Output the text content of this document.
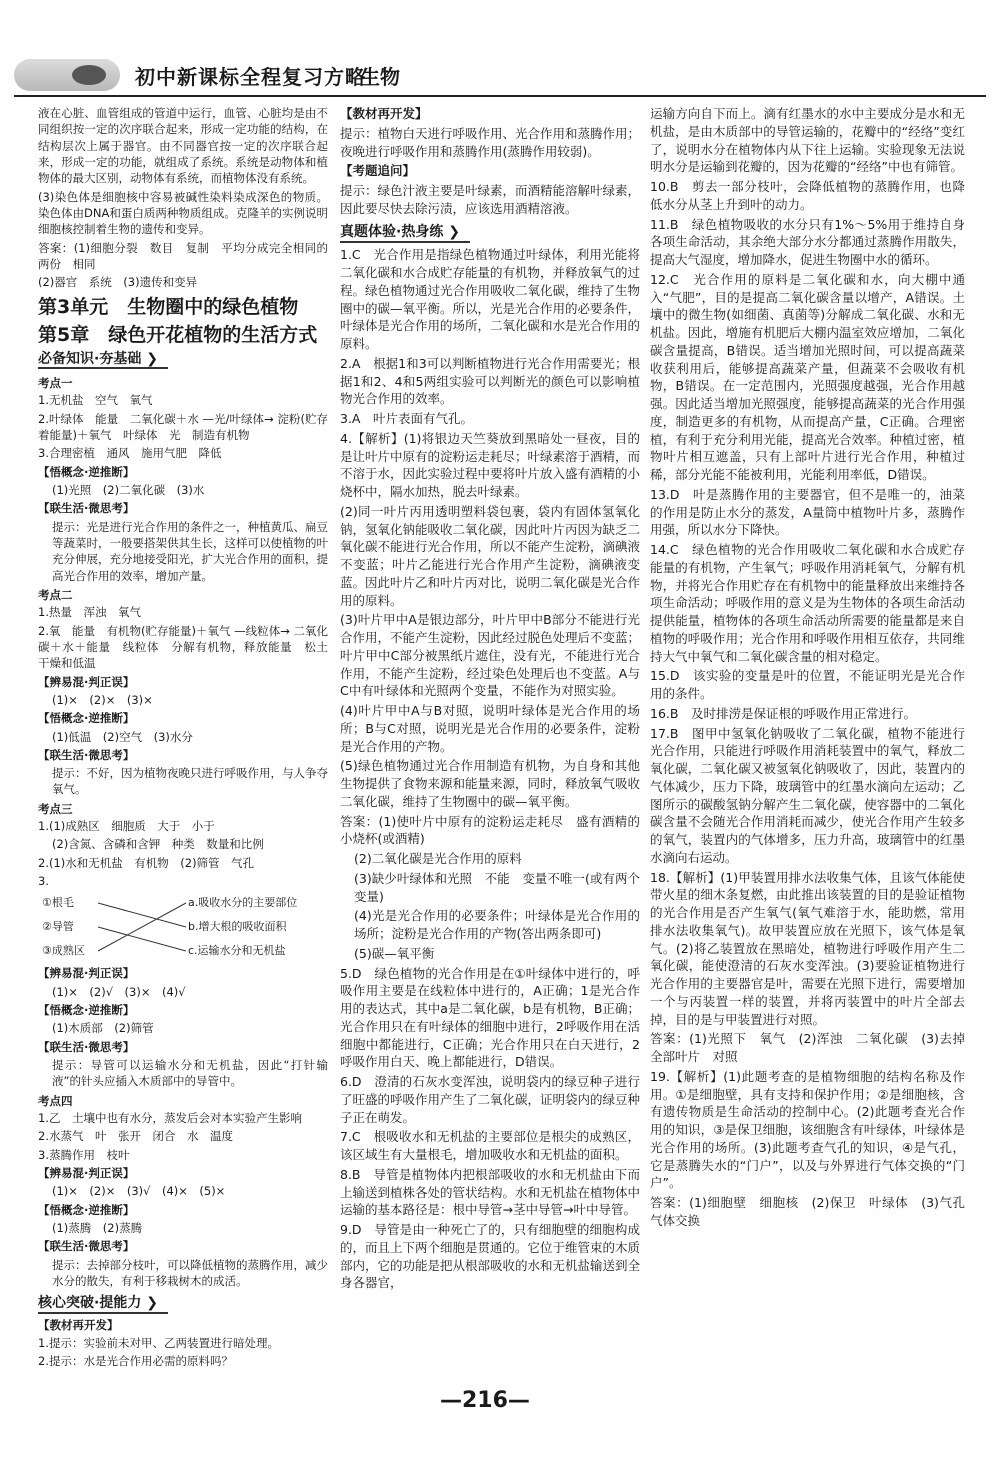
初中新课标全程复习方略
生物

液在心脏、血管组成的管道中运行，血管、心脏均是由不同组织按一定的次序联合起来，形成一定功能的结构，在结构层次上属于器官。由不同器官按一定的次序联合起来，形成一定的功能，就组成了系统。系统是动物体和植物体的最大区别，动物体有系统，而植物体没有系统。

(3)染色体是细胞核中容易被碱性染料染成深色的物质。染色体由DNA和蛋白质两种物质组成。克隆羊的实例说明细胞核控制着生物的遗传和变异。

答案：(1)细胞分裂　数目　复制　平均分成完全相同的两份　相同

(2)器官　系统　(3)遗传和变异

第3单元　生物圈中的绿色植物
第5章　绿色开花植物的生活方式
必备知识·夯基础 ❯
考点一

1.无机盐　空气　氧气

2.叶绿体　能量　二氧化碳＋水 —光/叶绿体→ 淀粉(贮存着能量)＋氧气　叶绿体　光　制造有机物

3.合理密植　通风　施用气肥　降低

【悟概念·逆推断】

(1)光照　(2)二氧化碳　(3)水

【联生活·微思考】

提示：光是进行光合作用的条件之一，种植黄瓜、扁豆等蔬菜时，一般要搭架供其生长，这样可以使植物的叶充分伸展，充分地接受阳光，扩大光合作用的面积，提高光合作用的效率，增加产量。

考点二

1.热量　浑浊　氧气

2.氧　能量　有机物(贮存能量)＋氧气 —线粒体→ 二氧化碳＋水＋能量　线粒体　分解有机物，释放能量　松土　干燥和低温

【辨易混·判正误】

(1)×　(2)×　(3)×

【悟概念·逆推断】

(1)低温　(2)空气　(3)水分

【联生活·微思考】

提示：不好，因为植物夜晚只进行呼吸作用，与人争夺氧气。

考点三

1.(1)成熟区　细胞质　大于　小于

(2)含氮、含磷和含钾　种类　数量和比例

2.(1)水和无机盐　有机物　(2)筛管　气孔

3.

①根毛
②导管
③成熟区
a.吸收水分的主要部位
b.增大根的吸收面积
c.运输水分和无机盐

【辨易混·判正误】

(1)×　(2)√　(3)×　(4)√

【悟概念·逆推断】

(1)木质部　(2)筛管

【联生活·微思考】

提示：导管可以运输水分和无机盐，因此“打针输液”的针头应插入木质部中的导管中。

考点四

1.乙　土壤中也有水分，蒸发后会对本实验产生影响

2.水蒸气　叶　张开　闭合　水　温度

3.蒸腾作用　枝叶

【辨易混·判正误】

(1)×　(2)×　(3)√　(4)×　(5)×

【悟概念·逆推断】

(1)蒸腾　(2)蒸腾

【联生活·微思考】

提示：去掉部分枝叶，可以降低植物的蒸腾作用，减少水分的散失，有利于移栽树木的成活。

核心突破·提能力 ❯

【教材再开发】

1.提示：实验前未对甲、乙两装置进行暗处理。

2.提示：水是光合作用必需的原料吗？

【教材再开发】

提示：植物白天进行呼吸作用、光合作用和蒸腾作用；夜晚进行呼吸作用和蒸腾作用(蒸腾作用较弱)。

【考题追问】

提示：绿色汁液主要是叶绿素，而酒精能溶解叶绿素，因此要尽快去除污渍，应该选用酒精溶液。

真题体验·热身练 ❯

1.C　光合作用是指绿色植物通过叶绿体，利用光能将二氧化碳和水合成贮存能量的有机物，并释放氧气的过程。绿色植物通过光合作用吸收二氧化碳，维持了生物圈中的碳—氧平衡。所以，光是光合作用的必要条件，叶绿体是光合作用的场所，二氧化碳和水是光合作用的原料。

2.A　根据1和3可以判断植物进行光合作用需要光；根据1和2、4和5两组实验可以判断光的颜色可以影响植物光合作用的效率。

3.A　叶片表面有气孔。

4.【解析】(1)将银边天竺葵放到黑暗处一昼夜，目的是让叶片中原有的淀粉运走耗尽；叶绿素溶于酒精，而不溶于水，因此实验过程中要将叶片放入盛有酒精的小烧杯中，隔水加热，脱去叶绿素。

(2)同一叶片丙用透明塑料袋包裹，袋内有固体氢氧化钠，氢氧化钠能吸收二氧化碳，因此叶片丙因为缺乏二氧化碳不能进行光合作用，所以不能产生淀粉，滴碘液不变蓝；叶片乙能进行光合作用产生淀粉，滴碘液变蓝。因此叶片乙和叶片丙对比，说明二氧化碳是光合作用的原料。

(3)叶片甲中A是银边部分，叶片甲中B部分不能进行光合作用，不能产生淀粉，因此经过脱色处理后不变蓝；叶片甲中C部分被黑纸片遮住，没有光，不能进行光合作用，不能产生淀粉，经过染色处理后也不变蓝。A与C中有叶绿体和光照两个变量，不能作为对照实验。

(4)叶片甲中A与B对照，说明叶绿体是光合作用的场所；B与C对照，说明光是光合作用的必要条件，淀粉是光合作用的产物。

(5)绿色植物通过光合作用制造有机物，为自身和其他生物提供了食物来源和能量来源，同时，释放氧气吸收二氧化碳，维持了生物圈中的碳—氧平衡。

答案：(1)使叶片中原有的淀粉运走耗尽　盛有酒精的小烧杯(或酒精)

(2)二氧化碳是光合作用的原料

(3)缺少叶绿体和光照　不能　变量不唯一(或有两个变量)

(4)光是光合作用的必要条件；叶绿体是光合作用的场所；淀粉是光合作用的产物(答出两条即可)

(5)碳—氧平衡

5.D　绿色植物的光合作用是在①叶绿体中进行的，呼吸作用主要是在线粒体中进行的，A正确；1是光合作用的表达式，其中a是二氧化碳，b是有机物，B正确；光合作用只在有叶绿体的细胞中进行，2呼吸作用在活细胞中都能进行，C正确；光合作用只在白天进行，2呼吸作用白天、晚上都能进行，D错误。

6.D　澄清的石灰水变浑浊，说明袋内的绿豆种子进行了旺盛的呼吸作用产生了二氧化碳，证明袋内的绿豆种子正在萌发。

7.C　根吸收水和无机盐的主要部位是根尖的成熟区，该区域生有大量根毛，增加吸收水和无机盐的面积。

8.B　导管是植物体内把根部吸收的水和无机盐由下而上输送到植株各处的管状结构。水和无机盐在植物体中运输的基本路径是：根中导管→茎中导管→叶中导管。

9.D　导管是由一种死亡了的，只有细胞壁的细胞构成的，而且上下两个细胞是贯通的。它位于维管束的木质部内，它的功能是把从根部吸收的水和无机盐输送到全身各器官，

运输方向自下而上。滴有红墨水的水中主要成分是水和无机盐，是由木质部中的导管运输的，花瓣中的“经络”变红了，说明水分在植物体内从下往上运输。实验现象无法说明水分是运输到花瓣的，因为花瓣的“经络”中也有筛管。

10.B　剪去一部分枝叶，会降低植物的蒸腾作用，也降低水分从茎上升到叶的动力。

11.B　绿色植物吸收的水分只有1%～5%用于维持自身各项生命活动，其余绝大部分水分都通过蒸腾作用散失，提高大气湿度，增加降水，促进生物圈中水的循环。

12.C　光合作用的原料是二氧化碳和水，向大棚中通入“气肥”，目的是提高二氧化碳含量以增产，A错误。土壤中的微生物(如细菌、真菌等)分解成二氧化碳、水和无机盐。因此，增施有机肥后大棚内温室效应增加，二氧化碳含量提高，B错误。适当增加光照时间，可以提高蔬菜收获利用后，能够提高蔬菜产量，但蔬菜不会吸收有机物，B错误。在一定范围内，光照强度越强，光合作用越强。因此适当增加光照强度，能够提高蔬菜的光合作用强度，制造更多的有机物，从而提高产量，C正确。合理密植，有利于充分利用光能，提高光合效率。种植过密，植物叶片相互遮盖，只有上部叶片进行光合作用，种植过稀，部分光能不能被利用，光能利用率低，D错误。

13.D　叶是蒸腾作用的主要器官，但不是唯一的，油菜的作用是防止水分的蒸发，A量筒中植物叶片多，蒸腾作用强，所以水分下降快。

14.C　绿色植物的光合作用吸收二氧化碳和水合成贮存能量的有机物，产生氧气；呼吸作用消耗氧气，分解有机物，并将光合作用贮存在有机物中的能量释放出来维持各项生命活动；呼吸作用的意义是为生物体的各项生命活动提供能量，植物体的各项生命活动所需要的能量都是来自植物的呼吸作用；光合作用和呼吸作用相互依存，共同维持大气中氧气和二氧化碳含量的相对稳定。

15.D　该实验的变量是叶的位置，不能证明光是光合作用的条件。

16.B　及时排涝是保证根的呼吸作用正常进行。

17.B　图甲中氢氧化钠吸收了二氧化碳，植物不能进行光合作用，只能进行呼吸作用消耗装置中的氧气，释放二氧化碳，二氧化碳又被氢氧化钠吸收了，因此，装置内的气体减少，压力下降，玻璃管中的红墨水滴向左运动；乙图所示的碳酸氢钠分解产生二氧化碳，使容器中的二氧化碳含量不会随光合作用消耗而减少，使光合作用产生较多的氧气，装置内的气体增多，压力升高，玻璃管中的红墨水滴向右运动。

18.【解析】(1)甲装置用排水法收集气体，且该气体能使带火星的细木条复燃，由此推出该装置的目的是验证植物的光合作用是否产生氧气(氧气难溶于水，能助燃，常用排水法收集氧气)。故甲装置应放在光照下，该气体是氧气。(2)将乙装置放在黑暗处，植物进行呼吸作用产生二氧化碳，能使澄清的石灰水变浑浊。(3)要验证植物进行光合作用的主要器官是叶，需要在光照下进行，需要增加一个与丙装置一样的装置，并将丙装置中的叶片全部去掉，目的是与甲装置进行对照。

答案：(1)光照下　氧气　(2)浑浊　二氧化碳　(3)去掉全部叶片　对照

19.【解析】(1)此题考查的是植物细胞的结构名称及作用。①是细胞壁，具有支持和保护作用；②是细胞核，含有遗传物质是生命活动的控制中心。(2)此题考查光合作用的知识，③是保卫细胞，该细胞含有叶绿体，叶绿体是光合作用的场所。(3)此题考查气孔的知识，④是气孔，它是蒸腾失水的“门户”，以及与外界进行气体交换的“门户”。

答案：(1)细胞壁　细胞核　(2)保卫　叶绿体　(3)气孔　气体交换

—216—
